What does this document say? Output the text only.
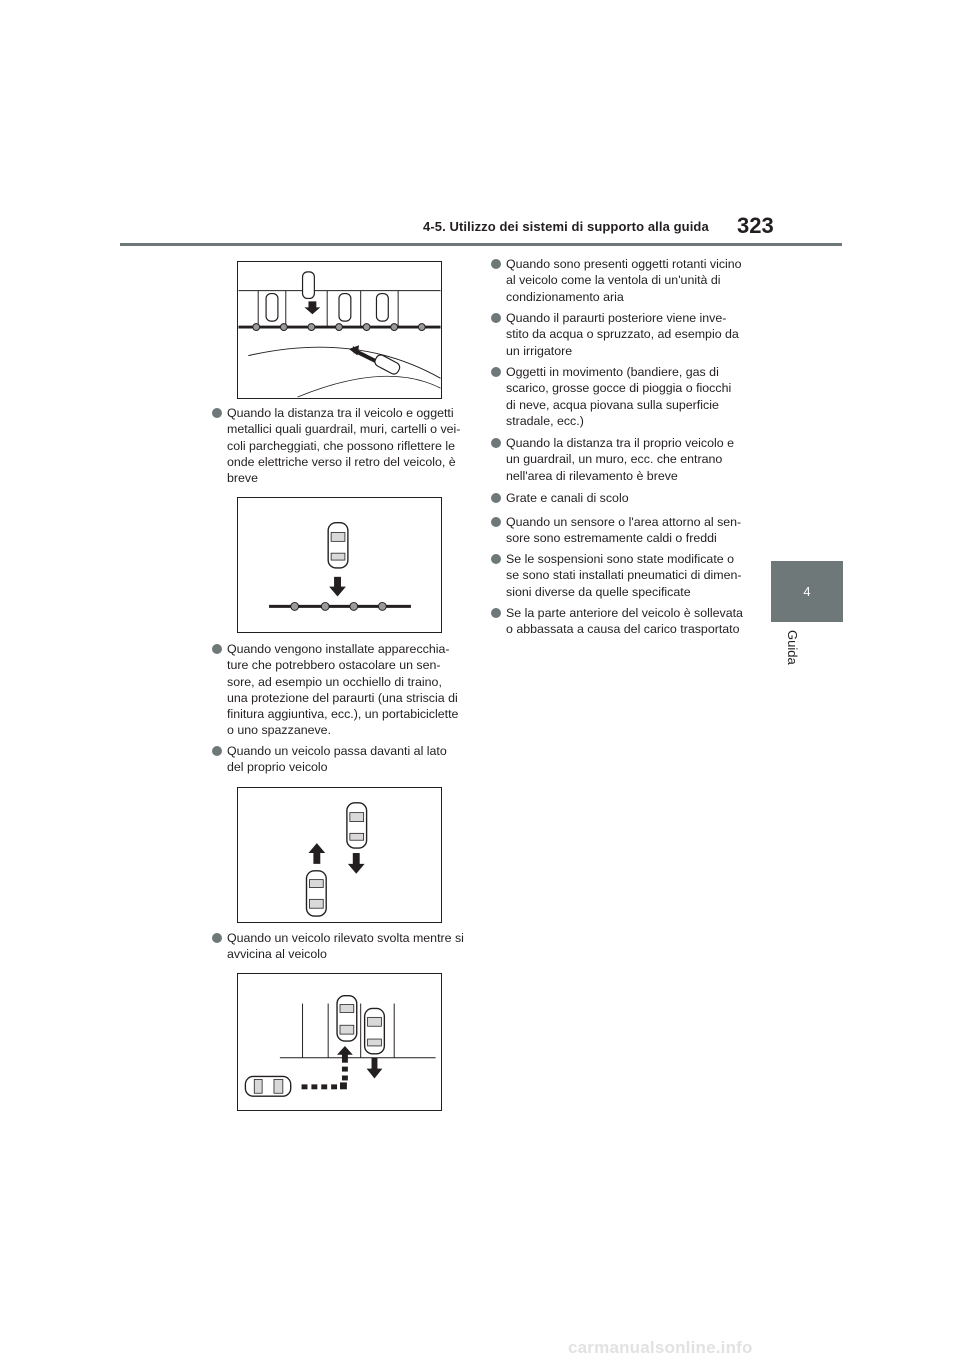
4-5. Utilizzo dei sistemi di supporto alla guida 323
4
Guida
Quando la distanza tra il veicolo e oggetti
metallici quali guardrail, muri, cartelli o vei-
coli parcheggiati, che possono riflettere le
onde elettriche verso il retro del veicolo, è
breve
Quando vengono installate apparecchia-
ture che potrebbero ostacolare un sen-
sore, ad esempio un occhiello di traino,
una protezione del paraurti (una striscia di
finitura aggiuntiva, ecc.), un portabiciclette
o uno spazzaneve.
Quando un veicolo passa davanti al lato
del proprio veicolo
Quando un veicolo rilevato svolta mentre si
avvicina al veicolo
Quando sono presenti oggetti rotanti vicino
al veicolo come la ventola di un'unità di
condizionamento aria
Quando il paraurti posteriore viene inve-
stito da acqua o spruzzato, ad esempio da
un irrigatore
Oggetti in movimento (bandiere, gas di
scarico, grosse gocce di pioggia o fiocchi
di neve, acqua piovana sulla superficie
stradale, ecc.)
Quando la distanza tra il proprio veicolo e
un guardrail, un muro, ecc. che entrano
nell'area di rilevamento è breve
Grate e canali di scolo
Quando un sensore o l'area attorno al sen-
sore sono estremamente caldi o freddi
Se le sospensioni sono state modificate o
se sono stati installati pneumatici di dimen-
sioni diverse da quelle specificate
Se la parte anteriore del veicolo è sollevata
o abbassata a causa del carico trasportato
carmanualsonline.info
